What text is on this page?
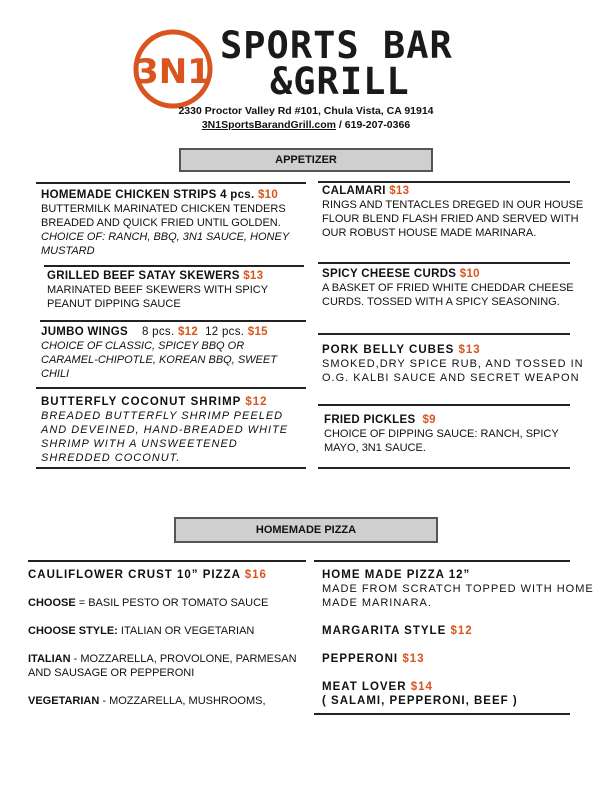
3N1
SPORTS BAR
&GRILL
2330 Proctor Valley Rd #101, Chula Vista, CA 91914
3N1SportsBarandGrill.com / 619-207-0366
APPETIZER
HOMEMADE CHICKEN STRIPS 4 pcs. $10
BUTTERMILK MARINATED CHICKEN TENDERS BREADED AND QUICK FRIED UNTIL GOLDEN. CHOICE OF: RANCH, BBQ, 3N1 SAUCE, HONEY MUSTARD
GRILLED BEEF SATAY SKEWERS $13
MARINATED BEEF SKEWERS WITH SPICY PEANUT DIPPING SAUCE
JUMBO WINGS 8 pcs. $12 12 pcs. $15
CHOICE OF CLASSIC, SPICEY BBQ OR CARAMEL-CHIPOTLE, KOREAN BBQ, SWEET CHILI
BUTTERFLY COCONUT SHRIMP $12
BREADED BUTTERFLY SHRIMP PEELED AND DEVEINED, HAND-BREADED WHITE SHRIMP WITH A UNSWEETENED SHREDDED COCONUT.
CALAMARI $13
RINGS AND TENTACLES DREGED IN OUR HOUSE FLOUR BLEND FLASH FRIED AND SERVED WITH OUR ROBUST HOUSE MADE MARINARA.
SPICY CHEESE CURDS $10
A BASKET OF FRIED WHITE CHEDDAR CHEESE CURDS. TOSSED WITH A SPICY SEASONING.
PORK BELLY CUBES $13
SMOKED,DRY SPICE RUB, AND TOSSED IN O.G. KALBI SAUCE AND SECRET WEAPON
FRIED PICKLES $9
CHOICE OF DIPPING SAUCE: RANCH, SPICY MAYO, 3N1 SAUCE.
HOMEMADE PIZZA
CAULIFLOWER CRUST 10” PIZZA $16
CHOOSE = BASIL PESTO OR TOMATO SAUCE
CHOOSE STYLE: ITALIAN OR VEGETARIAN
ITALIAN - MOZZARELLA, PROVOLONE, PARMESAN AND SAUSAGE OR PEPPERONI
VEGETARIAN - MOZZARELLA, MUSHROOMS,
HOME MADE PIZZA 12”
MADE FROM SCRATCH TOPPED WITH HOME MADE MARINARA.
MARGARITA STYLE $12
PEPPERONI $13
MEAT LOVER $14
( SALAMI, PEPPERONI, BEEF )
